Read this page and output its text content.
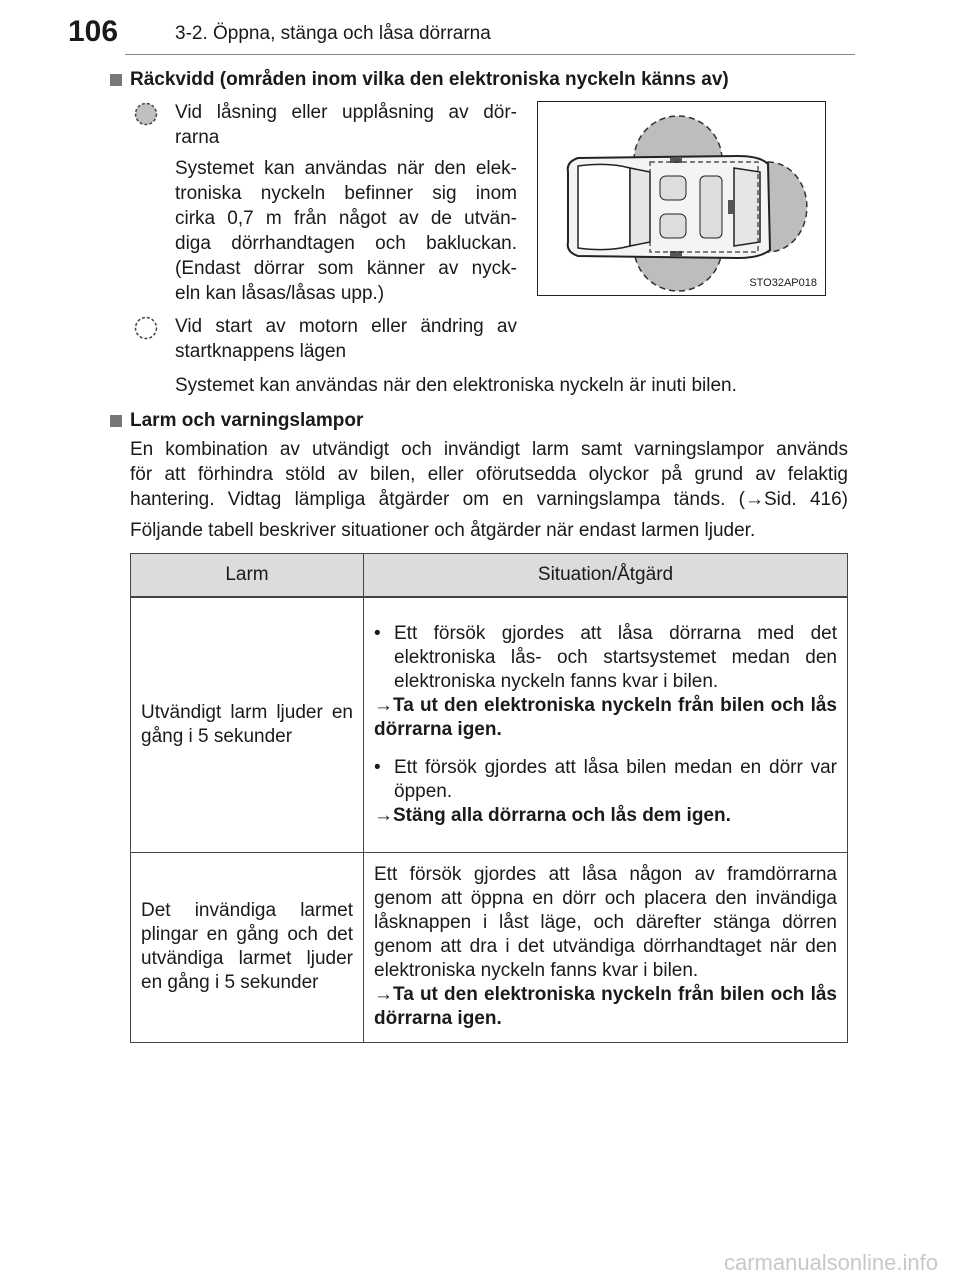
106	3-2. Öppna, stänga och låsa dörrarna
Räckvidd (områden inom vilka den elektroniska nyckeln känns av)
Vid låsning eller upplåsning av dör-
rarna
Systemet kan användas när den elek-
troniska nyckeln befinner sig inom
cirka 0,7 m från något av de utvän-
diga dörrhandtagen och bakluckan.
(Endast dörrar som känner av nyck-
eln kan låsas/låsas upp.)	STO32AP018
Vid start av motorn eller ändring av
startknappens lägen
Systemet kan användas när den elektroniska nyckeln är inuti bilen.
Larm och varningslampor
En kombination av utvändigt och invändigt larm samt varningslampor används
för att förhindra stöld av bilen, eller oförutsedda olyckor på grund av felaktig
hantering. Vidtag lämpliga åtgärder om en varningslampa tänds. (→Sid. 416)
Följande tabell beskriver situationer och åtgärder när endast larmen ljuder.
Larm	Situation/Åtgärd
Utvändigt larm ljuder en gång i 5 sekunder	• Ett försök gjordes att låsa dörrarna med det elektroniska lås- och startsystemet medan den elektroniska nyckeln fanns kvar i bilen.

→Ta ut den elektroniska nyckeln från bilen och lås dörrarna igen.

• Ett försök gjordes att låsa bilen medan en dörr var öppen.

→Stäng alla dörrarna och lås dem igen.

Det invändiga larmet plingar en gång och det utvändiga larmet ljuder en gång i 5 sekunder	Ett försök gjordes att låsa någon av framdörrarna genom att öppna en dörr och placera den invändiga låsknappen i låst läge, och därefter stänga dörren genom att dra i det utvändiga dörrhandtaget när den elektroniska nyckeln fanns kvar i bilen.

→Ta ut den elektroniska nyckeln från bilen och lås dörrarna igen.

carmanualsonline.info
